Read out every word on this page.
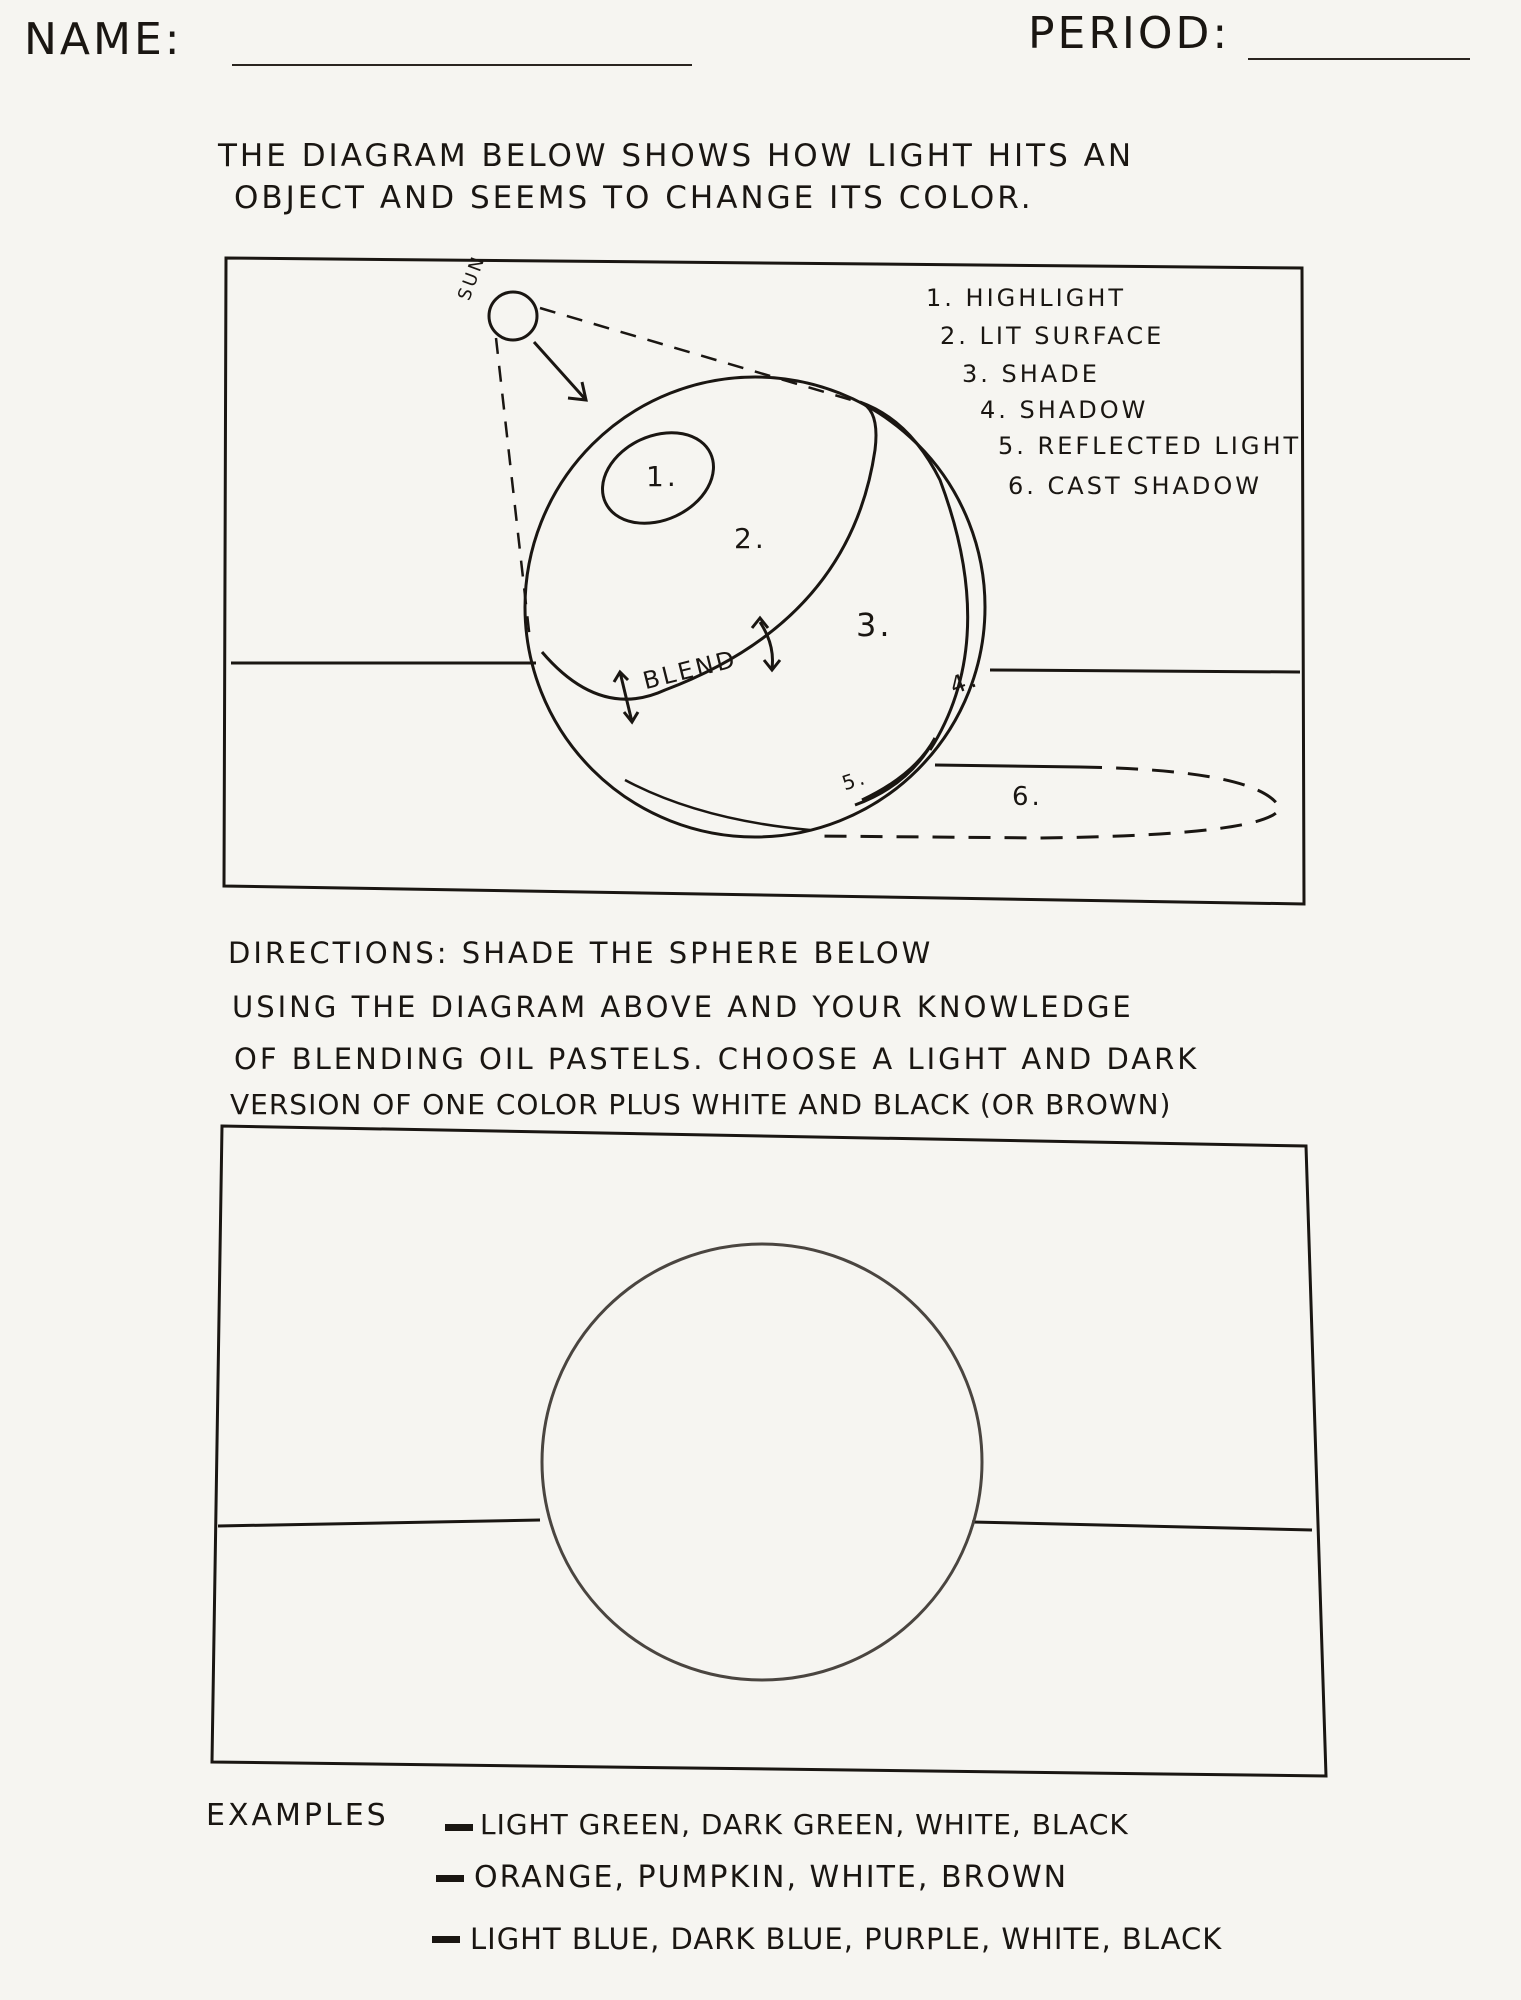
NAME:	PERIOD:
THE DIAGRAM BELOW SHOWS HOW LIGHT HITS AN
OBJECT AND SEEMS TO CHANGE ITS COLOR.
SUN
1.
2.
3.
4.
5.
6.
BLEND
1. HIGHLIGHT
2. LIT SURFACE
3. SHADE
4. SHADOW
5. REFLECTED LIGHT
6. CAST SHADOW
DIRECTIONS: SHADE THE SPHERE BELOW
USING THE DIAGRAM ABOVE AND YOUR KNOWLEDGE
OF BLENDING OIL PASTELS. CHOOSE A LIGHT AND DARK
VERSION OF ONE COLOR PLUS WHITE AND BLACK (OR BROWN)
EXAMPLES	LIGHT GREEN, DARK GREEN, WHITE, BLACK
ORANGE, PUMPKIN, WHITE, BROWN
LIGHT BLUE, DARK BLUE, PURPLE, WHITE, BLACK
